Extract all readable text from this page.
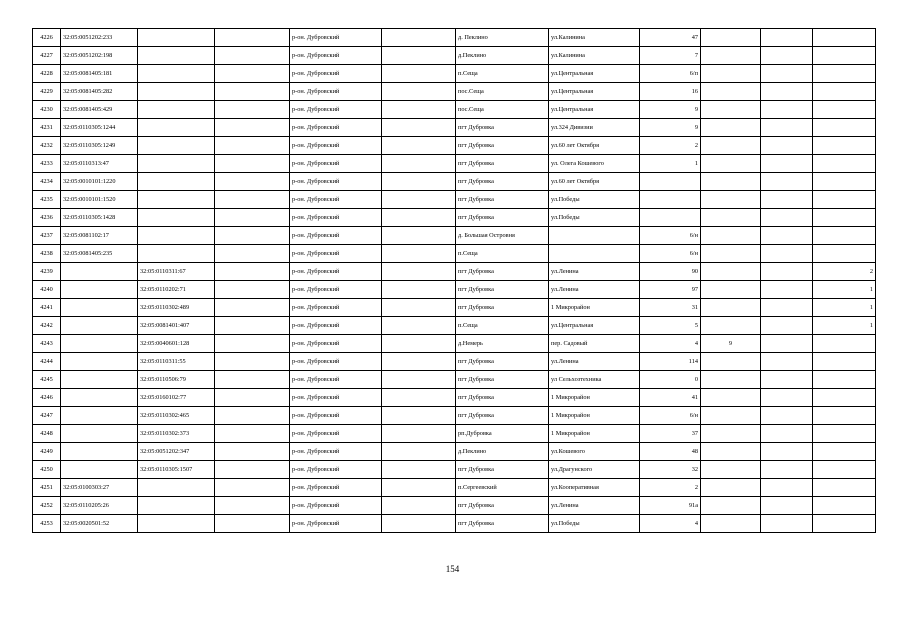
4226	32:05:0051202:233			р-он. Дубровский		д. Пеклино	ул.Калинина	47			
4227	32:05:0051202:198			р-он. Дубровский		д.Пеклино	ул.Калинина	7			
4228	32:05:0081405:181			р-он. Дубровский		п.Сеща	ул.Центральная	6/п			
4229	32:05:0081405:282			р-он. Дубровский		пос.Сеща	ул.Центральная	16			
4230	32:05:0081405:429			р-он. Дубровский		пос.Сеща	ул.Центральная	9			
4231	32:05:0110305:1244			р-он. Дубровский		пгт Дубровка	ул.324 Дивизии	9			
4232	32:05:0110305:1249			р-он. Дубровский		пгт Дубровка	ул.60 лет Октября	2			
4233	32:05:0110313:47			р-он. Дубровский		пгт Дубровка	ул. Олега Кошевого	1			
4234	32:05:0010101:1220			р-он. Дубровский		пгт Дубровка	ул.60 лет Октября				
4235	32:05:0010101:1520			р-он. Дубровский		пгт Дубровка	ул.Победы				
4236	32:05:0110305:1428			р-он. Дубровский		пгт Дубровка	ул.Победы				
4237	32:05:0081102:17			р-он. Дубровский		д. Большая Островня		6/н			
4238	32:05:0081405:235			р-он. Дубровский		п.Сеща		6/н			
4239		32:05:0110311:67		р-он. Дубровский		пгт Дубровка	ул.Ленина	90			2
4240		32:05:0110202:71		р-он. Дубровский		пгт Дубровка	ул.Ленина	97			1
4241		32:05:0110302:489		р-он. Дубровский		пгт Дубровка	1 Микрорайон	31			1
4242		32:05:0081401:407		р-он. Дубровский		п.Сеща	ул.Центральная	5			1
4243		32:05:0040601:128		р-он. Дубровский		д.Немерь	пер. Садовый	4	9		
4244		32:05:0110311:55		р-он. Дубровский		пгт Дубровка	ул.Ленина	114			
4245		32:05:0110506:79		р-он. Дубровский		пгт Дубровка	ул Сельхозтехника	0			
4246		32:05:0160102:77		р-он. Дубровский		пгт Дубровка	1 Микрорайон	41			
4247		32:05:0110302:465		р-он. Дубровский		пгт Дубровка	1 Микрорайон	6/н			
4248		32:05:0110302:373		р-он. Дубровский		рп.Дубровка	1 Микрорайон	37			
4249		32:05:0051202:347		р-он. Дубровский		д.Пеклино	ул.Кошевого	48			
4250		32:05:0110305:1507		р-он. Дубровский		пгт Дубровка	ул.Драгунского	32			
4251	32:05:0100303:27			р-он. Дубровский		п.Сергеевский	ул.Кооперативная	2			
4252	32:05:0110205:26			р-он. Дубровский		пгт Дубровка	ул.Ленина	91а			
4253	32:05:0020501:52			р-он. Дубровский		пгт Дубровка	ул.Победы	4			
154
